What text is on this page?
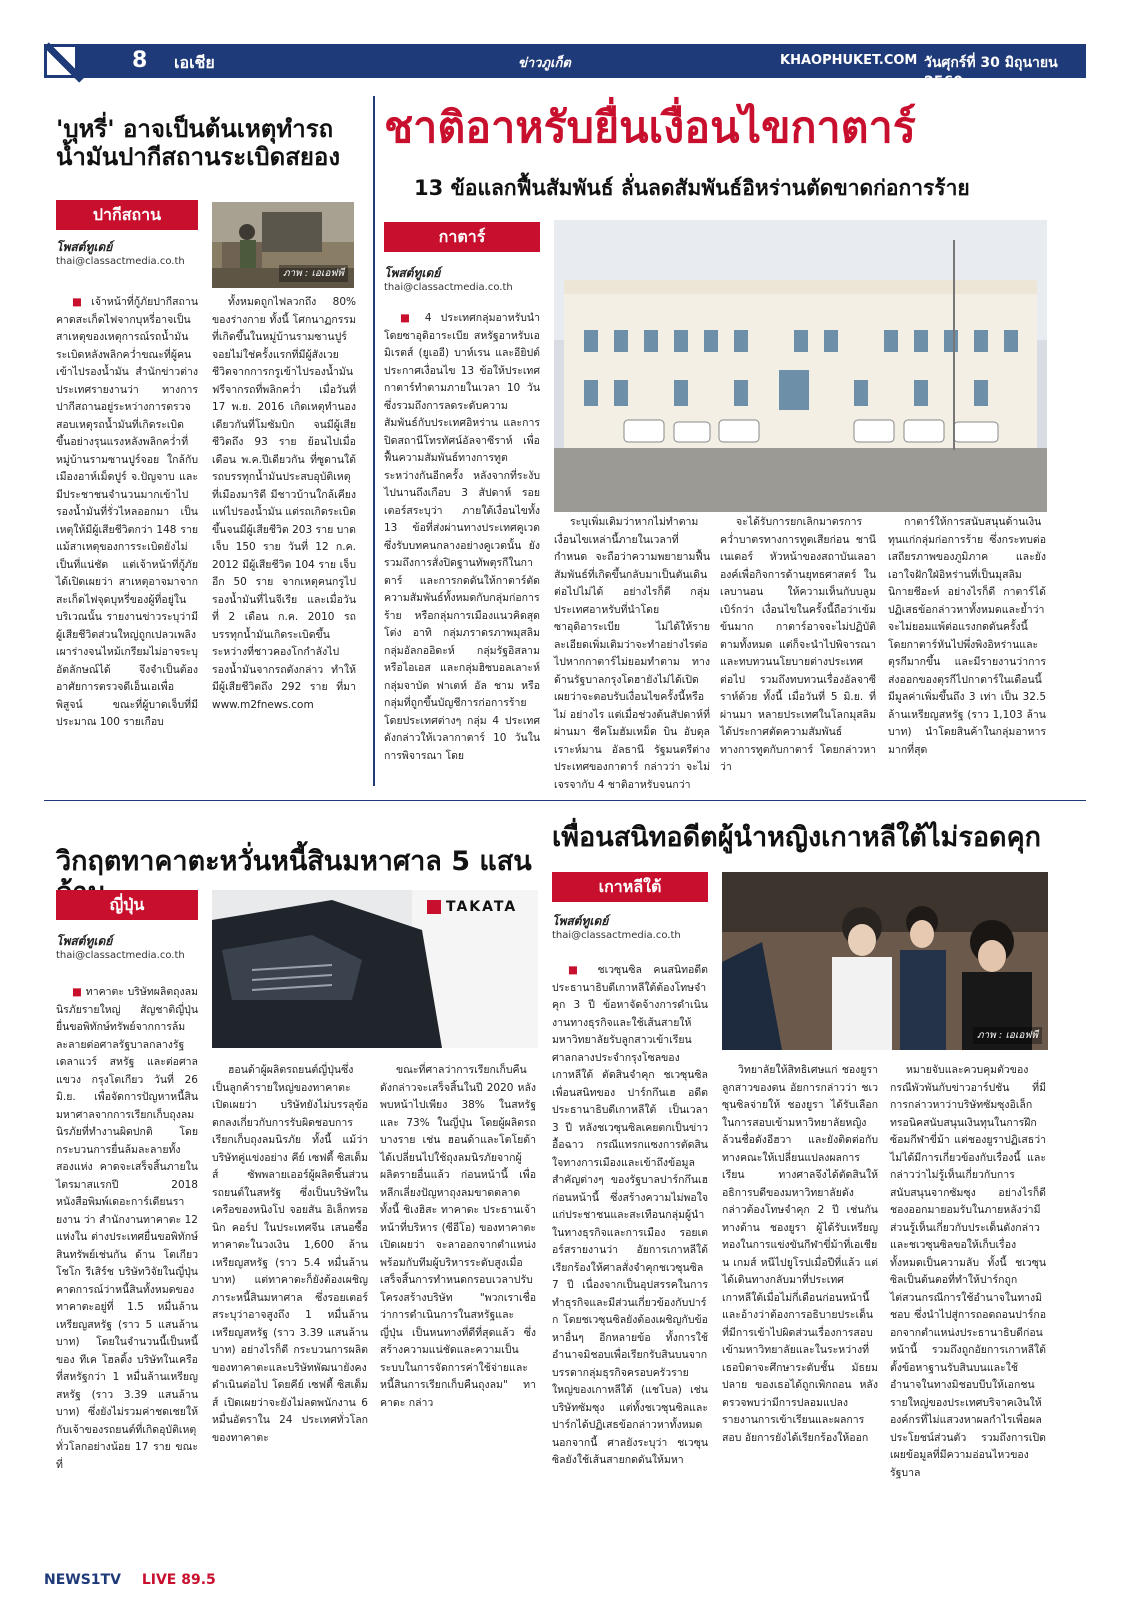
8 เอเชีย	ข่าวภูเก็ต	KHAOPHUKET.COM วันศุกร์ที่ 30 มิถุนายน 2560
'บุหรี่' อาจเป็นต้นเหตุทำรถน้ำมันปากีสถานระเบิดสยอง
ปากีสถาน
โพสต์ทูเดย์
thai@classactmedia.co.th
ภาพ : เอเอฟพี

■ เจ้าหน้าที่กู้ภัยปากีสถานคาดสะเก็ดไฟจากบุหรี่อาจเป็นสาเหตุของเหตุการณ์รถน้ำมันระเบิดหลังพลิกคว่ำขณะที่ผู้คนเข้าไปรองน้ำมัน สำนักข่าวต่างประเทศรายงานว่า ทางการปากีสถานอยู่ระหว่างการตรวจสอบเหตุรถน้ำมันที่เกิดระเบิดขึ้นอย่างรุนแรงหลังพลิกคว่ำที่หมู่บ้านรามซานปูร์จอย ใกล้กับเมืองอาห์เม็ดปูร์ จ.ปัญจาบ และมีประชาชนจำนวนมากเข้าไปรองน้ำมันที่รั่วไหลออกมา เป็นเหตุให้มีผู้เสียชีวิตกว่า 148 ราย แม้สาเหตุของการระเบิดยังไม่เป็นที่แน่ชัด แต่เจ้าหน้าที่กู้ภัยได้เปิดเผยว่า สาเหตุอาจมาจากสะเก็ดไฟจุดบุหรี่ของผู้ที่อยู่ในบริเวณนั้น รายงานข่าวระบุว่ามีผู้เสียชีวิตส่วนใหญ่ถูกเปลวเพลิงเผาร่างจนไหม้เกรียมไม่อาจระบุอัตลักษณ์ได้ จึงจำเป็นต้องอาศัยการตรวจดีเอ็นเอเพื่อพิสูจน์ ขณะที่ผู้บาดเจ็บที่มีประมาณ 100 รายเกือบ

ทั้งหมดถูกไฟลวกถึง 80% ของร่างกาย ทั้งนี้ โศกนาฏกรรมที่เกิดขึ้นในหมู่บ้านรามซานปูร์จอยไม่ใช่ครั้งแรกที่มีผู้สังเวยชีวิตจากการกรูเข้าไปรองน้ำมันฟรีจากรถที่พลิกคว่ำ เมื่อวันที่ 17 พ.ย. 2016 เกิดเหตุทำนองเดียวกันที่โมซัมบิก จนมีผู้เสียชีวิตถึง 93 ราย ย้อนไปเมื่อเดือน พ.ค.ปีเดียวกัน ที่ซูดานใต้ รถบรรทุกน้ำมันประสบอุบัติเหตุที่เมืองมาริดี มีชาวบ้านใกล้เคียงแห่ไปรองน้ำมัน แต่รถเกิดระเบิดขึ้นจนมีผู้เสียชีวิต 203 ราย บาดเจ็บ 150 ราย วันที่ 12 ก.ค. 2012 มีผู้เสียชีวิต 104 ราย เจ็บอีก 50 ราย จากเหตุคนกรูไปรองน้ำมันที่ไนจีเรีย และเมื่อวันที่ 2 เดือน ก.ค. 2010 รถบรรทุกน้ำมันเกิดระเบิดขึ้น ระหว่างที่ชาวคองโกกำลังไปรองน้ำมันจากรถดังกล่าว ทำให้มีผู้เสียชีวิตถึง 292 ราย ที่มา www.m2fnews.com

ชาติอาหรับยื่นเงื่อนไขกาตาร์
13 ข้อแลกฟื้นสัมพันธ์ ลั่นลดสัมพันธ์อิหร่านตัดขาดก่อการร้าย
กาตาร์
โพสต์ทูเดย์
thai@classactmedia.co.th

■ 4 ประเทศกลุ่มอาหรับนำโดยซาอุดิอาระเบีย สหรัฐอาหรับเอมิเรตส์ (ยูเออี) บาห์เรน และอียิปต์ ประกาศเงื่อนไข 13 ข้อให้ประเทศกาตาร์ทำตามภายในเวลา 10 วัน ซึ่งรวมถึงการลดระดับความสัมพันธ์กับประเทศอิหร่าน และการปิดสถานีโทรทัศน์อัลจาซีราห์ เพื่อฟื้นความสัมพันธ์ทางการทูตระหว่างกันอีกครั้ง หลังจากที่ระงับไปนานถึงเกือบ 3 สัปดาห์ รอยเตอร์สระบุว่า ภายใต้เงื่อนไขทั้ง 13 ข้อที่ส่งผ่านทางประเทศคูเวตซึ่งรับบทคนกลางอย่างคูเวตนั้น ยังรวมถึงการสั่งปิดฐานทัพตุรกีในกาตาร์ และการกดดันให้กาตาร์ตัดความสัมพันธ์ทั้งหมดกับกลุ่มก่อการร้าย หรือกลุ่มการเมืองแนวคิดสุดโต่ง อาทิ กลุ่มภราดรภาพมุสลิม กลุ่มอัลกออิดะห์ กลุ่มรัฐอิสลามหรือไอเอส และกลุ่มฮิซบอลเลาะห์ กลุ่มจาบัต ฟาเตห์ อัล ชาม หรือกลุ่มที่ถูกขึ้นบัญชีการก่อการร้ายโดยประเทศต่างๆ กลุ่ม 4 ประเทศดังกล่าวให้เวลากาตาร์ 10 วันในการพิจารณา โดย

ระบุเพิ่มเติมว่าหากไม่ทำตามเงื่อนไขเหล่านี้ภายในเวลาที่กำหนด จะถือว่าความพยายามฟื้นสัมพันธ์ที่เกิดขึ้นกลับมาเป็นตันเดินต่อไปไม่ได้ อย่างไรก็ดี กลุ่มประเทศอาหรับที่นำโดยซาอุดิอาระเบีย ไม่ได้ให้รายละเอียดเพิ่มเติมว่าจะทำอย่างไรต่อไปหากกาตาร์ไม่ยอมทำตาม ทางด้านรัฐบาลกรุงโดฮายังไม่ได้เปิดเผยว่าจะตอบรับเงื่อนไขครั้งนี้หรือไม่ อย่างไร แต่เมื่อช่วงต้นสัปดาห์ที่ผ่านมา ชีคโมฮัมเหม็ด บิน อับดุลเราะห์มาน อัลธานี รัฐมนตรีต่างประเทศของกาตาร์ กล่าวว่า จะไม่เจรจากับ 4 ชาติอาหรับจนกว่า

จะได้รับการยกเลิกมาตรการคว่ำบาตรทางการทูตเสียก่อน ชานี เนเดอร์ หัวหน้าของสถาบันเลอาองค์เพื่อกิจการด้านยุทธศาสตร์ ในเลบานอน ให้ความเห็นกับบลูมเบิร์กว่า เงื่อนไขในครั้งนี้ถือว่าเข้มข้นมาก กาตาร์อาจจะไม่ปฏิบัติตามทั้งหมด แต่ก็จะนำไปพิจารณาและทบทวนนโยบายต่างประเทศต่อไป รวมถึงทบทวนเรื่องอัลจาซีราห์ด้วย ทั้งนี้ เมื่อวันที่ 5 มิ.ย. ที่ผ่านมา หลายประเทศในโลกมุสลิมได้ประกาศตัดความสัมพันธ์ทางการทูตกับกาตาร์ โดยกล่าวหาว่า

กาตาร์ให้การสนับสนุนด้านเงินทุนแก่กลุ่มก่อการร้าย ซึ่งกระทบต่อเสถียรภาพของภูมิภาค และยังเอาใจฝักใฝ่อิหร่านที่เป็นมุสลิมนิกายชีอะห์ อย่างไรก็ดี กาตาร์ได้ปฏิเสธข้อกล่าวหาทั้งหมดและย้ำว่าจะไม่ยอมแพ้ต่อแรงกดดันครั้งนี้ โดยกาตาร์หันไปพึ่งพิงอิหร่านและตุรกีมากขึ้น และมีรายงานว่าการส่งออกของตุรกีไปกาตาร์ในเดือนนี้มีมูลค่าเพิ่มขึ้นถึง 3 เท่า เป็น 32.5 ล้านเหรียญสหรัฐ (ราว 1,103 ล้านบาท) นำโดยสินค้าในกลุ่มอาหารมากที่สุด

วิกฤตทาคาตะหวั่นหนี้สินมหาศาล 5 แสน
ญี่ปุ่น
โพสต์ทูเดย์
thai@classactmedia.co.th
TAKATA

■ ทาคาตะ บริษัทผลิตถุงลมนิรภัยรายใหญ่ สัญชาติญี่ปุ่น ยื่นขอพิทักษ์ทรัพย์จากการล้มละลายต่อศาลรัฐบาลกลางรัฐเดลาแวร์ สหรัฐ และต่อศาลแขวง กรุงโตเกียว วันที่ 26 มิ.ย. เพื่อจัดการปัญหาหนี้สินมหาศาลจากการเรียกเก็บถุงลมนิรภัยที่ทำงานผิดปกติ โดยกระบวนการยื่นล้มละลายทั้งสองแห่ง คาดจะเสร็จสิ้นภายในไตรมาสแรกปี 2018 หนังสือพิมพ์เดอะการ์เดียนรายงาน ว่า สำนักงานทาคาตะ 12 แห่งใน ต่างประเทศยื่นขอพิทักษ์สินทรัพย์เช่นกัน ด้าน โตเกียว โชโก รีเสิร์ช บริษัทวิจัยในญี่ปุ่น คาดการณ์ว่าหนี้สินทั้งหมดของทาคาตะอยู่ที่ 1.5 หมื่นล้านเหรียญสหรัฐ (ราว 5 แสนล้านบาท) โดยในจำนวนนี้เป็นหนี้ของ ทีเค โฮลดิ้ง บริษัทในเครือที่สหรัฐกว่า 1 หมื่นล้านเหรียญสหรัฐ (ราว 3.39 แสนล้านบาท) ซึ่งยังไม่รวมค่าชดเชยให้กับเจ้าของรถยนต์ที่เกิดอุบัติเหตุทั่วโลกอย่างน้อย 17 ราย ขณะที่

ฮอนด้าผู้ผลิตรถยนต์ญี่ปุ่นซึ่งเป็นลูกค้ารายใหญ่ของทาคาตะ เปิดเผยว่า บริษัทยังไม่บรรลุข้อตกลงเกี่ยวกับการรับผิดชอบการเรียกเก็บถุงลมนิรภัย ทั้งนี้ แม้ว่าบริษัทคู่แข่งอย่าง คีย์ เซฟตี้ ซิสเต็มส์ ซัพพลายเออร์ผู้ผลิตชิ้นส่วนรถยนต์ในสหรัฐ ซึ่งเป็นบริษัทในเครือของหนิงโป จอยสัน อิเล็กทรอนิก คอร์ป ในประเทศจีน เสนอซื้อทาคาตะในวงเงิน 1,600 ล้านเหรียญสหรัฐ (ราว 5.4 หมื่นล้านบาท) แต่ทาคาตะก็ยังต้องเผชิญภาระหนี้สินมหาศาล ซึ่งรอยเตอร์สระบุว่าอาจสูงถึง 1 หมื่นล้านเหรียญสหรัฐ (ราว 3.39 แสนล้านบาท) อย่างไรก็ดี กระบวนการผลิตของทาคาตะและบริษัทพัฒนายังคงดำเนินต่อไป โดยคีย์ เซฟตี้ ซิสเต็มส์ เปิดเผยว่าจะยังไม่ลดพนักงาน 6 หมื่นอัตราใน 24 ประเทศทั่วโลกของทาคาตะ

ขณะที่ศาลว่าการเรียกเก็บคืนดังกล่าวจะเสร็จสิ้นในปี 2020 หลังพบหน้าไปเพียง 38% ในสหรัฐ และ 73% ในญี่ปุ่น โดยผู้ผลิตรถบางราย เช่น ฮอนด้าและโตโยต้า ได้เปลี่ยนไปใช้ถุงลมนิรภัยจากผู้ผลิตรายอื่นแล้ว ก่อนหน้านี้ เพื่อหลีกเลี่ยงปัญหาถุงลมขาดตลาด ทั้งนี้ ชิเงฮิสะ ทาคาดะ ประธานเจ้าหน้าที่บริหาร (ซีอีโอ) ของทาคาตะ เปิดเผยว่า จะลาออกจากตำแหน่งพร้อมกับทีมผู้บริหารระดับสูงเมื่อเสร็จสิ้นการทำหนดกรอบเวลาปรับโครงสร้างบริษัท "พวกเราเชื่อว่าการดำเนินการในสหรัฐและญี่ปุ่น เป็นหนทางที่ดีที่สุดแล้ว ซึ่งสร้างความแน่ชัดและความเป็นระบบในการจัดการค่าใช้จ่ายและหนี้สินการเรียกเก็บคืนถุงลม" ทาคาดะ กล่าว

เพื่อนสนิทอดีตผู้นำหญิงเกาหลีใต้ไม่รอดคุก
เกาหลีใต้
โพสต์ทูเดย์
thai@classactmedia.co.th
ภาพ : เอเอฟพี

■ ชเวซุนซิล คนสนิทอดีตประธานาธิบดีเกาหลีใต้ต้องโทษจำคุก 3 ปี ข้อหาจัดจ้างการดำเนินงานทางธุรกิจและใช้เส้นสายให้มหาวิทยาลัยรับลูกสาวเข้าเรียน ศาลกลางประจำกรุงโซลของเกาหลีใต้ ตัดสินจำคุก ชเวซุนซิล เพื่อนสนิทของ ปาร์กกึนเฮ อดีตประธานาธิบดีเกาหลีใต้ เป็นเวลา 3 ปี หลังชเวซุนซิลเคยตกเป็นข่าวอื้อฉาว กรณีแทรกแซงการตัดสินใจทางการเมืองและเข้าถึงข้อมูลสำคัญต่างๆ ของรัฐบาลปาร์กกึนเฮก่อนหน้านี้ ซึ่งสร้างความไม่พอใจแก่ประชาชนและสะเทือนกลุ่มผู้นำในทางธุรกิจและการเมือง รอยเตอร์สรายงานว่า อัยการเกาหลีใต้เรียกร้องให้ศาลสั่งจำคุกชเวซุนซิล 7 ปี เนื่องจากเป็นอุปสรรคในการทำธุรกิจและมีส่วนเกี่ยวข้องกับปาร์ก โดยชเวซุนซิลยังต้องเผชิญกับข้อหาอื่นๆ อีกหลายข้อ ทั้งการใช้อำนาจมิชอบเพื่อเรียกรับสินบนจากบรรดากลุ่มธุรกิจครอบครัวรายใหญ่ของเกาหลีใต้ (แชโบล) เช่น บริษัทซัมซุง แต่ทั้งชเวซุนซิลและปาร์กได้ปฏิเสธข้อกล่าวหาทั้งหมด นอกจากนี้ ศาลยังระบุว่า ชเวซุนซิลยังใช้เส้นสายกดดันให้มหา

วิทยาลัยให้สิทธิเศษแก่ ชองยูรา ลูกสาวของตน อัยการกล่าวว่า ชเวซุนซิลจ่ายให้ ชองยูรา ได้รับเลือกในการสอบเข้ามหาวิทยาลัยหญิงล้วนชื่อดังอีฮวา และยังติดต่อกับทางคณะให้เปลี่ยนแปลงผลการเรียน ทางศาลจึงได้ตัดสินให้อธิการบดีของมหาวิทยาลัยดังกล่าวต้องโทษจำคุก 2 ปี เช่นกัน ทางด้าน ชองยูรา ผู้ได้รับเหรียญทองในการแข่งขันกีฬาขี่ม้าที่เอเชียน เกมส์ หนีไปยูโรปเมื่อปีที่แล้ว แต่ได้เดินทางกลับมาที่ประเทศเกาหลีใต้เมื่อไม่กี่เดือนก่อนหน้านี้ และอ้างว่าต้องการอธิบายประเด็นที่มีการเข้าไปผิดส่วนเรื่องการสอบเข้ามหาวิทยาลัยและในระหว่างที่เธอบิดาจะศึกษาระดับชั้น มัธยมปลาย ของเธอได้ถูกเพิกถอน หลังตรวจพบว่ามีการปลอมแปลงรายงานการเข้าเรียนและผลการสอบ อัยการยังได้เรียกร้องให้ออก

หมายจับและควบคุมตัวของ กรณีพัวพันกับข่าวอาร์ปชัน ที่มีการกล่าวหาว่าบริษัทซัมซุงอิเล็กทรอนิคสนับสนุนเงินทุนในการฝึกซ้อมกีฬาขี่ม้า แต่ชองยูราปฏิเสธว่าไม่ได้มีการเกี่ยวข้องกับเรื่องนี้ และกล่าวว่าไม่รู้เห็นเกี่ยวกับการสนับสนุนจากซัมซุง อย่างไรก็ดี ชองออกมายอมรับในภายหลังว่ามีส่วนรู้เห็นเกี่ยวกับประเด็นดังกล่าว และชเวซุนซิลขอให้เก็บเรื่องทั้งหมดเป็นความลับ ทั้งนี้ ชเวซุนซิลเป็นต้นตอที่ทำให้ปาร์กถูกไต่สวนกรณีการใช้อำนาจในทางมิชอบ ซึ่งนำไปสู่การถอดถอนปาร์กออกจากตำแหน่งประธานาธิบดีก่อนหน้านี้ รวมถึงถูกอัยการเกาหลีใต้ตั้งข้อหาฐานรับสินบนและใช้อำนาจในทางมิชอบบีบให้เอกชนรายใหญ่ของประเทศบริจาคเงินให้องค์กรที่ไม่แสวงหาผลกำไรเพื่อผลประโยชน์ส่วนตัว รวมถึงการเปิดเผยข้อมูลที่มีความอ่อนไหวของรัฐบาล

NEWS1TV LIVE 89.5
